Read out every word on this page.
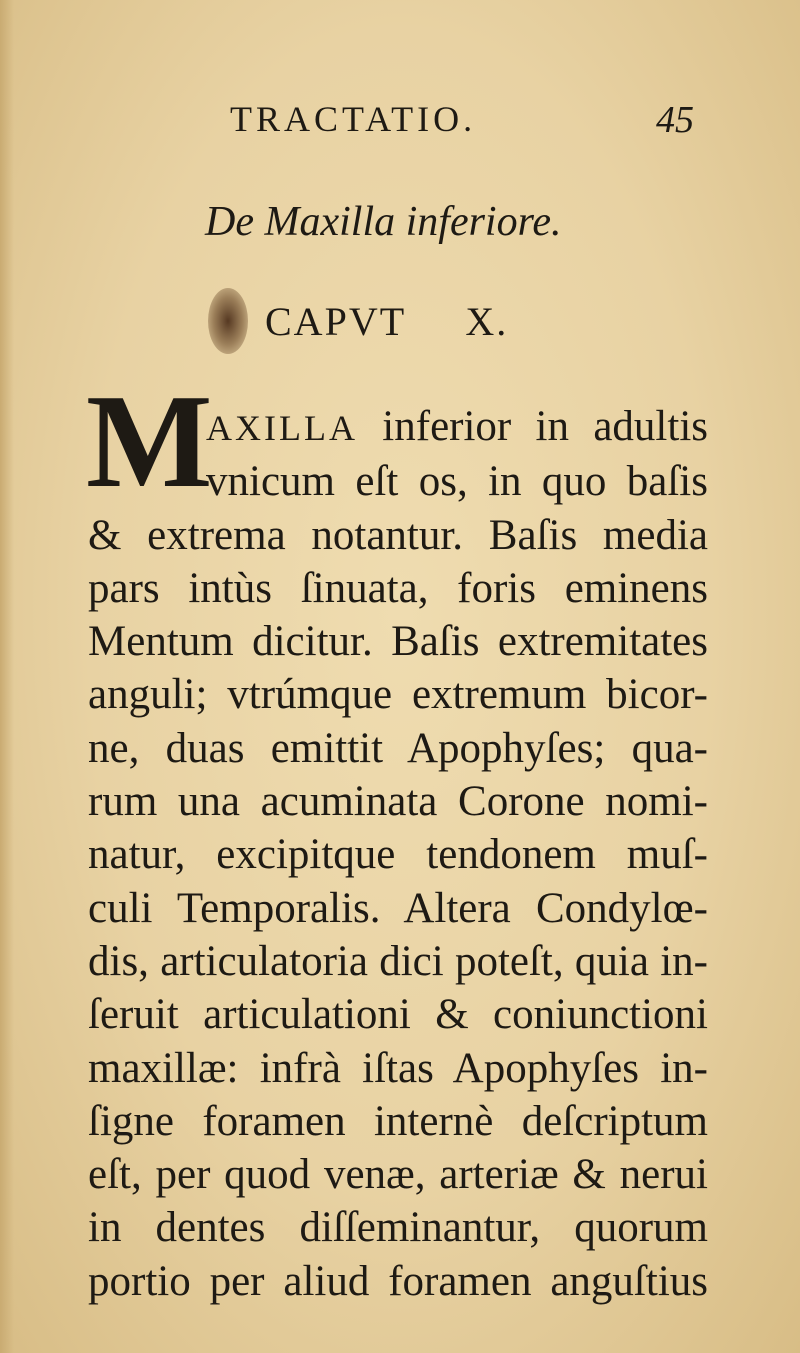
TRACTATIO.	45
De Maxilla inferiore.
CAPVT X.
M
AXILLA inferior in adultis
vnicum eſt os, in quo baſis
& extrema notantur. Baſis media
pars intùs ſinuata, foris eminens
Mentum dicitur. Baſis extremitates
anguli; vtrúmque extremum bicor-
ne, duas emittit Apophyſes; qua-
rum una acuminata Corone nomi-
natur, excipitque tendonem muſ-
culi Temporalis. Altera Condylœ-
dis, articulatoria dici poteſt, quia in-
ſeruit articulationi & coniunctioni
maxillæ: infrà iſtas Apophyſes in-
ſigne foramen internè deſcriptum
eſt, per quod venæ, arteriæ & nerui
in dentes diſſeminantur, quorum
portio per aliud foramen anguſtius
